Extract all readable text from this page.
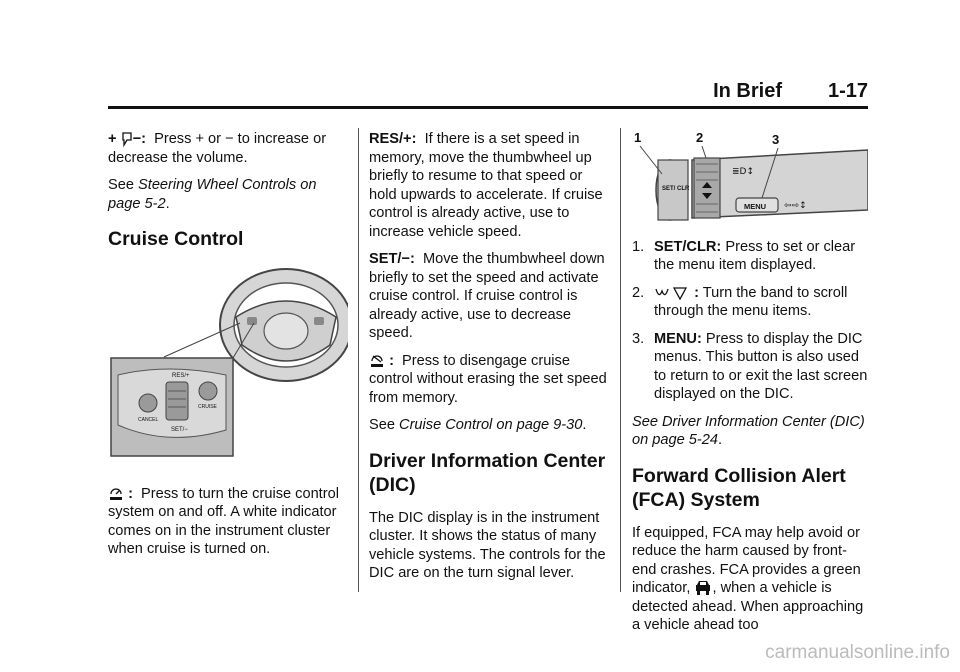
In Brief 1-17

+ −: Press + or − to increase or decrease the volume.

See Steering Wheel Controls on page 5-2.

Cruise Control
RES/+
SET/−
CANCEL
CRUISE

: Press to turn the cruise control system on and off. A white indicator comes on in the instrument cluster when cruise is turned on.

RES/+: If there is a set speed in memory, move the thumbwheel up briefly to resume to that speed or hold upwards to accelerate. If cruise control is already active, use to increase vehicle speed.

SET/−: Move the thumbwheel down briefly to set the speed and activate cruise control. If cruise control is already active, use to decrease speed.

: Press to disengage cruise control without erasing the set speed from memory.

See Cruise Control on page 9-30.

Driver Information Center (DIC)

The DIC display is in the instrument cluster. It shows the status of many vehicle systems. The controls for the DIC are on the turn signal lever.

MENU ⇦⇨↕
≣D↕
SET/ CLR
1	2	3
1. SET/CLR: Press to set or clear the menu item displayed.
2.	: Turn the band to scroll through the menu items.
3. MENU: Press to display the DIC menus. This button is also used to return to or exit the last screen displayed on the DIC.

See Driver Information Center (DIC) on page 5-24.

Forward Collision Alert (FCA) System

If equipped, FCA may help avoid or reduce the harm caused by front-end crashes. FCA provides a green indicator, , when a vehicle is detected ahead. When approaching a vehicle ahead too

carmanualsonline.info
